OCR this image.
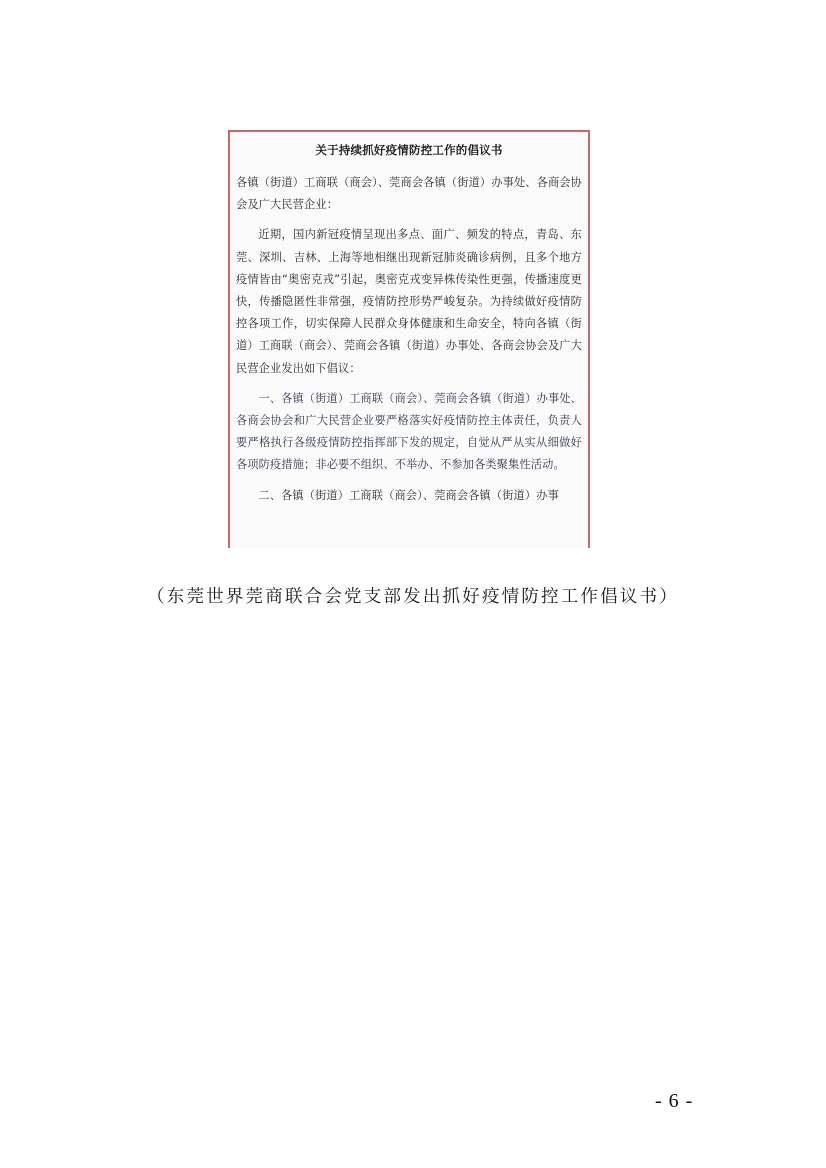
关于持续抓好疫情防控工作的倡议书

各镇（街道）工商联（商会）、莞商会各镇（街道）办事处、各商会协会及广大民营企业：

近期，国内新冠疫情呈现出多点、面广、频发的特点，青岛、东莞、深圳、吉林、上海等地相继出现新冠肺炎确诊病例，且多个地方疫情皆由“奥密克戎”引起，奥密克戎变异株传染性更强，传播速度更快，传播隐匿性非常强，疫情防控形势严峻复杂。为持续做好疫情防控各项工作，切实保障人民群众身体健康和生命安全，特向各镇（街道）工商联（商会）、莞商会各镇（街道）办事处、各商会协会及广大民营企业发出如下倡议：

一、各镇（街道）工商联（商会）、莞商会各镇（街道）办事处、各商会协会和广大民营企业要严格落实好疫情防控主体责任，负责人要严格执行各级疫情防控指挥部下发的规定，自觉从严从实从细做好各项防疫措施；非必要不组织、不举办、不参加各类聚集性活动。

二、各镇（街道）工商联（商会）、莞商会各镇（街道）办事

（东莞世界莞商联合会党支部发出抓好疫情防控工作倡议书）
- 6 -
